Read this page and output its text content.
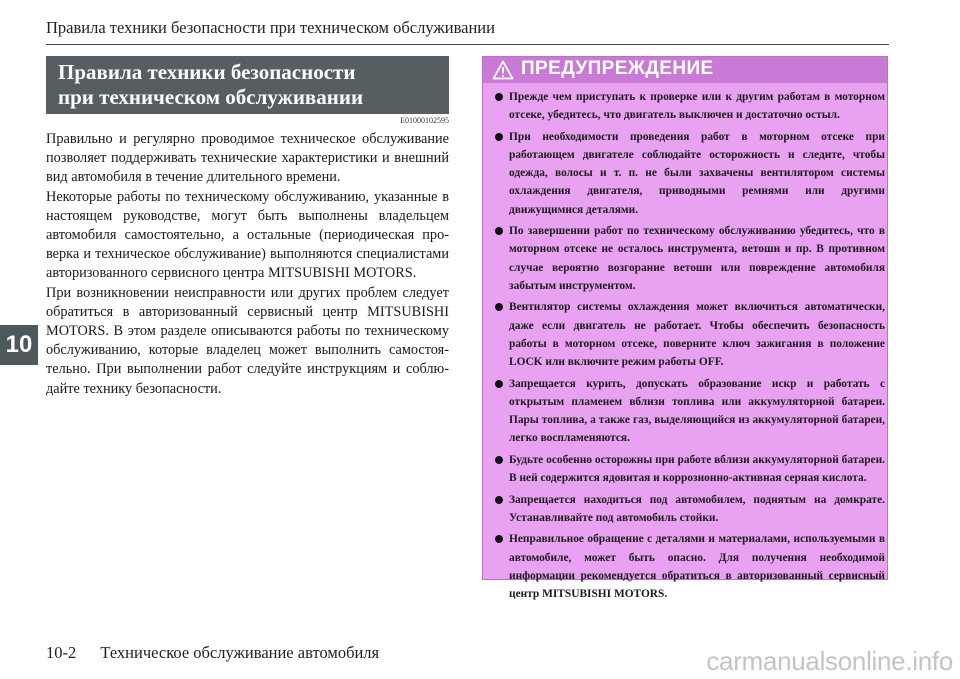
Правила техники безопасности при техническом обслуживании
10
Правила техники безопасности
при техническом обслуживании
E01000102595

Правильно и регулярно проводимое техническое обслуживание позволяет поддерживать технические характеристики и внешний вид автомобиля в течение длительного времени.

Некоторые работы по техническому обслуживанию, указанные в настоящем руководстве, могут быть выполнены владельцем автомобиля самостоятельно, а остальные (периодическая проверка и техническое обслуживание) выполняются специалистами авторизованного сервисного центра MITSUBISHI MOTORS.

При возникновении неисправности или других проблем следует обратиться в авторизованный сервисный центр MITSUBISHI MOTORS. В этом разделе описываются работы по техническому обслуживанию, которые владелец может выполнить самостоятельно. При выполнении работ следуйте инструкциям и соблюдайте технику безопасности.

ПРЕДУПРЕЖДЕНИЕ
Прежде чем приступать к проверке или к другим работам в моторном отсеке, убедитесь, что двигатель выключен и достаточно остыл.
При необходимости проведения работ в моторном отсеке при работающем двигателе соблюдайте осторожность и следите, чтобы одежда, волосы и т. п. не были захвачены вентилятором системы охлаждения двигателя, приводными ремнями или другими движущимися деталями.
По завершении работ по техническому обслуживанию убедитесь, что в моторном отсеке не осталось инструмента, ветоши и пр. В противном случае вероятно возгорание ветоши или повреждение автомобиля забытым инструментом.
Вентилятор системы охлаждения может включиться автоматически, даже если двигатель не работает. Чтобы обеспечить безопасность работы в моторном отсеке, поверните ключ зажигания в положение LOCK или включите режим работы OFF.
Запрещается курить, допускать образование искр и работать с открытым пламенем вблизи топлива или аккумуляторной батареи. Пары топлива, а также газ, выделяющийся из аккумуляторной батареи, легко воспламеняются.
Будьте особенно осторожны при работе вблизи аккумуляторной батареи. В ней содержится ядовитая и коррозионно-активная серная кислота.
Запрещается находиться под автомобилем, поднятым на домкрате. Устанавливайте под автомобиль стойки.
Неправильное обращение с деталями и материалами, используемыми в автомобиле, может быть опасно. Для получения необходимой информации рекомендуется обратиться в авторизованный сервисный центр MITSUBISHI MOTORS.
10-2 Техническое обслуживание автомобиля	carmanualsonline.info
